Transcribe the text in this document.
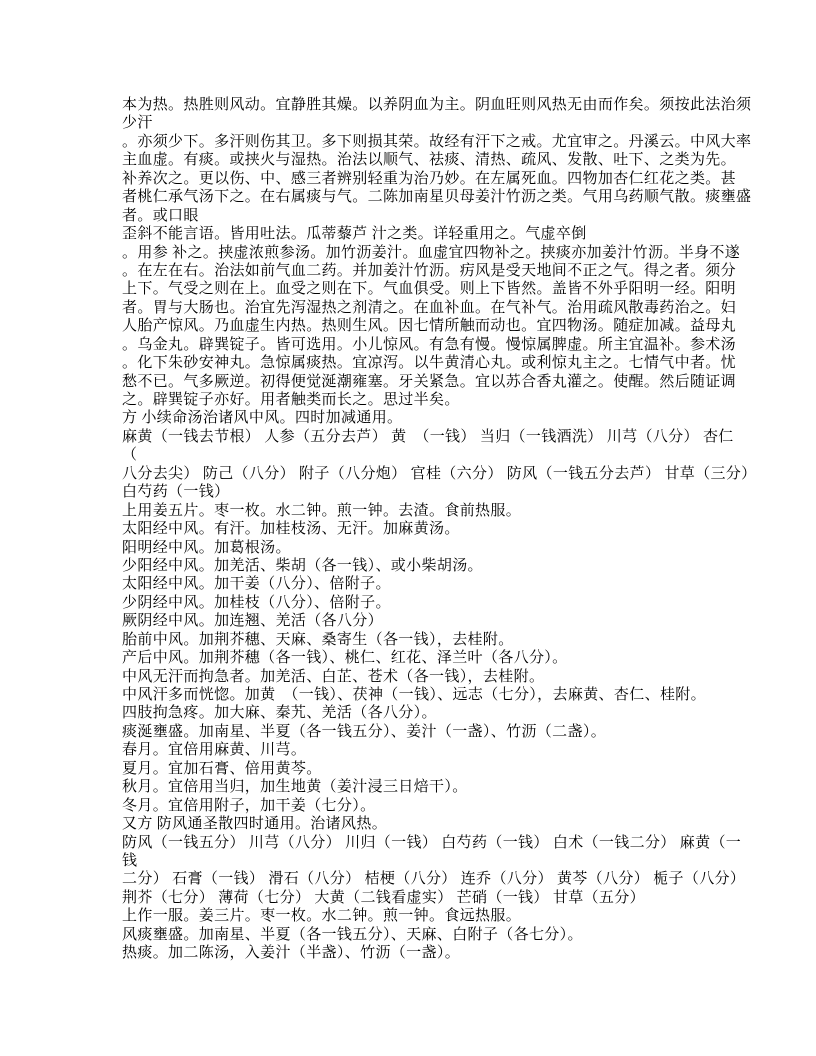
本为热。热胜则风动。宜静胜其燥。以养阴血为主。阴血旺则风热无由而作矣。须按此法治须
少汗
。亦须少下。多汗则伤其卫。多下则损其荣。故经有汗下之戒。尤宜审之。丹溪云。中风大率
主血虚。有痰。或挟火与湿热。治法以顺气、祛痰、清热、疏风、发散、吐下、之类为先。
补养次之。更以伤、中、感三者辨别轻重为治乃妙。在左属死血。四物加杏仁红花之类。甚
者桃仁承气汤下之。在右属痰与气。二陈加南星贝母姜汁竹沥之类。气用乌药顺气散。痰壅盛
者。或口眼
歪斜不能言语。皆用吐法。瓜蒂藜芦 汁之类。详轻重用之。气虚卒倒
。用参 补之。挟虚浓煎参汤。加竹沥姜汁。血虚宜四物补之。挟痰亦加姜汁竹沥。半身不遂
。在左在右。治法如前气血二药。并加姜汁竹沥。疠风是受天地间不正之气。得之者。须分
上下。气受之则在上。血受之则在下。气血俱受。则上下皆然。盖皆不外乎阳明一经。阳明
者。胃与大肠也。治宜先泻湿热之剂清之。在血补血。在气补气。治用疏风散毒药治之。妇
人胎产惊风。乃血虚生内热。热则生风。因七情所触而动也。宜四物汤。随症加减。益母丸
。乌金丸。辟巽锭子。皆可选用。小儿惊风。有急有慢。慢惊属脾虚。所主宜温补。参术汤
。化下朱砂安神丸。急惊属痰热。宜凉泻。以牛黄清心丸。或利惊丸主之。七情气中者。忧
愁不已。气多厥逆。初得便觉涎潮雍塞。牙关紧急。宜以苏合香丸灌之。使醒。然后随证调
之。辟巽锭子亦好。用者触类而长之。思过半矣。
方 小续命汤治诸风中风。四时加减通用。
麻黄（一钱去节根） 人参（五分去芦） 黄　（一钱） 当归（一钱酒洗） 川芎（八分） 杏仁
（
八分去尖） 防己（八分） 附子（八分炮） 官桂（六分） 防风（一钱五分去芦） 甘草（三分）
白芍药（一钱）
上用姜五片。枣一枚。水二钟。煎一钟。去渣。食前热服。
太阳经中风。有汗。加桂枝汤、无汗。加麻黄汤。
阳明经中风。加葛根汤。
少阳经中风。加羌活、柴胡（各一钱）、或小柴胡汤。
太阳经中风。加干姜（八分）、倍附子。
少阴经中风。加桂枝（八分）、倍附子。
厥阴经中风。加连翘、羌活（各八分）
胎前中风。加荆芥穗、天麻、桑寄生（各一钱），去桂附。
产后中风。加荆芥穗（各一钱）、桃仁、红花、泽兰叶（各八分）。
中风无汗而拘急者。加羌活、白芷、苍术（各一钱），去桂附。
中风汗多而恍惚。加黄　（一钱）、茯神（一钱）、远志（七分），去麻黄、杏仁、桂附。
四肢拘急疼。加大麻、秦艽、羌活（各八分）。
痰涎壅盛。加南星、半夏（各一钱五分）、姜汁（一盏）、竹沥（二盏）。
春月。宜倍用麻黄、川芎。
夏月。宜加石膏、倍用黄芩。
秋月。宜倍用当归，加生地黄（姜汁浸三日焙干）。
冬月。宜倍用附子，加干姜（七分）。
又方 防风通圣散四时通用。治诸风热。
防风（一钱五分） 川芎（八分） 川归（一钱） 白芍药（一钱） 白术（一钱二分） 麻黄（一
钱
二分） 石膏（一钱） 滑石（八分） 桔梗（八分） 连乔（八分） 黄芩（八分） 栀子（八分）
荆芥（七分） 薄荷（七分） 大黄（二钱看虚实） 芒硝（一钱） 甘草（五分）
上作一服。姜三片。枣一枚。水二钟。煎一钟。食远热服。
风痰壅盛。加南星、半夏（各一钱五分）、天麻、白附子（各七分）。
热痰。加二陈汤，入姜汁（半盏）、竹沥（一盏）。
